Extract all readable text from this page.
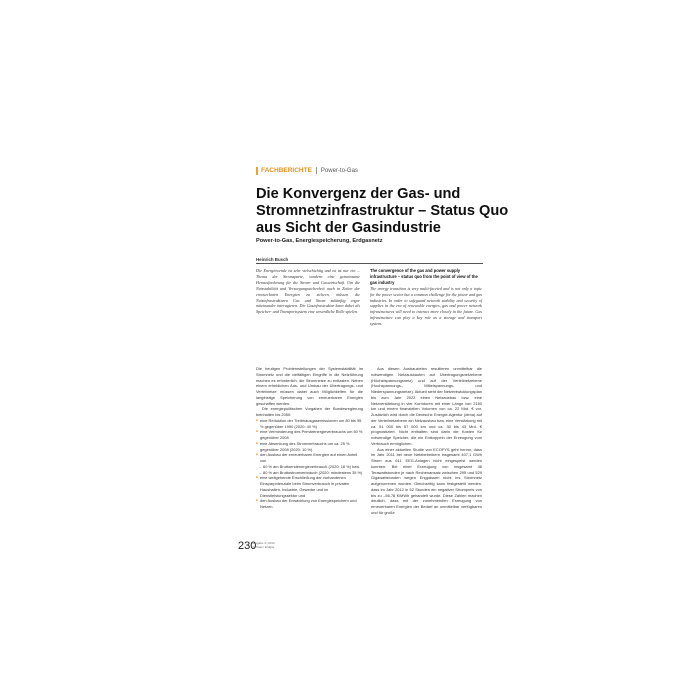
FACHBERICHTE Power-to-Gas
Die Konvergenz der Gas- und Stromnetzinfrastruktur – Status Quo aus Sicht der Gasindustrie
Power-to-Gas, Energiespeicherung, Erdgasnetz
Heinrich Busch

Die Energiewende ist sehr vielschichtig und ist ist nur ein ... Thema der Stromsparte, sondern eine gemeinsame Herausforderung für die Strom- und Gaswirtschaft. Um die Netzstabilität und Versorgungssicherheit auch in Zeiten der erneuerbaren Energien zu sichern, müssen die Netzinfrastrukturen Gas und Strom zukünftig enger miteinander interagieren. Die Gasinfrastruktur kann dabei als Speicher- und Transportsystem eine wesentliche Rolle spielen.

The convergence of the gas and power supply infrastructure – status quo from the point of view of the gas industry

The energy transition is very multi-faceted and is not only a topic for the power sector but a common challenge for the power and gas industries. In order to safeguard network stability and security of supplies in the era of renewable energies, gas and power network infrastructures will need to interact more closely in the future. Gas infrastructure can play a key role as a storage and transport system.

Die heutigen Problemstellungen der Systemstabilität im Stromnetz und die vielfältigen Eingriffe in die Netzführung machen es erforderlich, die Stromnetze zu entlasten. Neben einem erheblichen Aus- und Umbau der Übertragungs- und Verteilnetze müssen dabei auch Möglichkeiten für die langfristige Speicherung von erneuerbaren Energien geschaffen werden.

Die energiepolitischen Vorgaben der Bundesregierung beinhalten bis 2050:

■ eine Reduktion der Treibhausgasemissionen um 80 bis 95 % gegenüber 1990 (2020: 40 %)
■ eine Verminderung des Primärenergieverbrauchs um 50 % gegenüber 2008
■ eine Absenkung des Stromverbrauchs um ca. 25 % gegenüber 2008 (2020: 10 %)
■ den Ausbau der erneuerbaren Energien auf einen Anteil von
– 60 % am Bruttoendenergieverbrauch (2020: 18 %) bzw.
– 80 % am Bruttostromverbrauch (2020: mindestens 35 %)
■ eine weitgehende Erschließung der vorhandenen Einsparpotenziale beim Stromverbrauch in privaten Haushalten, Industrie, Gewerbe und im Dienstleistungssektor und
■ den Ausbau der Entwicklung von Energiespeichern und Netzen.

Aus diesen Ausbauzielen resultieren unmittelbar die notwendigen Netzausbauten auf Übertragungsnetzebene (Höchstspannungsnetz) und auf der Verteilnetzebene (Hochspannungs-, Mittelspannungs- und Niederspannungsnetze). Aktuell sieht der Netzentwicklungsplan bis zum Jahr 2022 einen Netzausbau bzw. eine Netzverstärkung in vier Korridoren mit einer Länge von 2150 km und einem finanziellen Volumen von ca. 22 Mrd. € vor. Zusätzlich wird durch die Deutsche Energie-Agentur (dena) auf der Verteilnetzebene ein Netzausbau bzw. eine Verstärkung mit ca. 51 000 bis 57 000 km und ca. 30 bis 43 Mrd. € prognostiziert. Nicht enthalten sind darin die Kosten für notwendige Speicher, die ein Entkoppeln der Erzeugung vom Verbrauch ermöglichen.

Aus einer aktuellen Studie von ECOFYS geht hervor, dass im Jahr 2011 bei neun Netzbetreibern insgesamt 407,1 GWh Strom aus 611 EEG-Anlagen nicht eingespeist werden konnten. Bei einer Erzeugung von insgesamt 46 Terawattstunden je nach Rechenansatz zwischen 295 und 529 Gigawattstunden wegen Engpässen nicht ins Stromnetz aufgenommen wurden. Gleichzeitig kann festgestellt werden, dass im Jahr 2012 in 52 Stunden ein negativer Strompreis von bis zu –56,78 €/MWh gehandelt wurde. Diese Zahlen machen deutlich, dass mit der zunehmenden Erzeugung von erneuerbaren Energien der Bedarf an unmittelbar verfügbaren und für große

230
Ausgabe 4 | 2013
gwf Gas / Erdgas
